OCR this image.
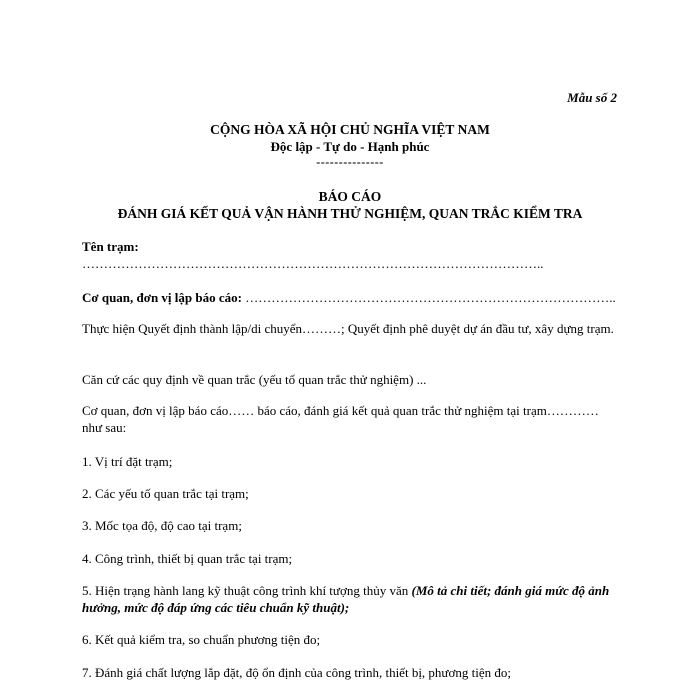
Mẫu số 2
CỘNG HÒA XÃ HỘI CHỦ NGHĨA VIỆT NAM
Độc lập - Tự do - Hạnh phúc
---------------
BÁO CÁO
ĐÁNH GIÁ KẾT QUẢ VẬN HÀNH THỬ NGHIỆM, QUAN TRẮC KIỂM TRA
Tên trạm:
……………………………………………………………………………………………..
Cơ quan, đơn vị lập báo cáo: …………………………………………………………………………..
Thực hiện Quyết định thành lập/di chuyển………; Quyết định phê duyệt dự án đầu tư, xây dựng trạm.
Căn cứ các quy định về quan trắc (yếu tố quan trắc thử nghiệm) ...
Cơ quan, đơn vị lập báo cáo…… báo cáo, đánh giá kết quả quan trắc thử nghiệm tại trạm………… như sau:
1. Vị trí đặt trạm;
2. Các yếu tố quan trắc tại trạm;
3. Mốc tọa độ, độ cao tại trạm;
4. Công trình, thiết bị quan trắc tại trạm;
5. Hiện trạng hành lang kỹ thuật công trình khí tượng thủy văn (Mô tả chi tiết; đánh giá mức độ ảnh hưởng, mức độ đáp ứng các tiêu chuẩn kỹ thuật);
6. Kết quả kiểm tra, so chuẩn phương tiện đo;
7. Đánh giá chất lượng lắp đặt, độ ổn định của công trình, thiết bị, phương tiện đo;
